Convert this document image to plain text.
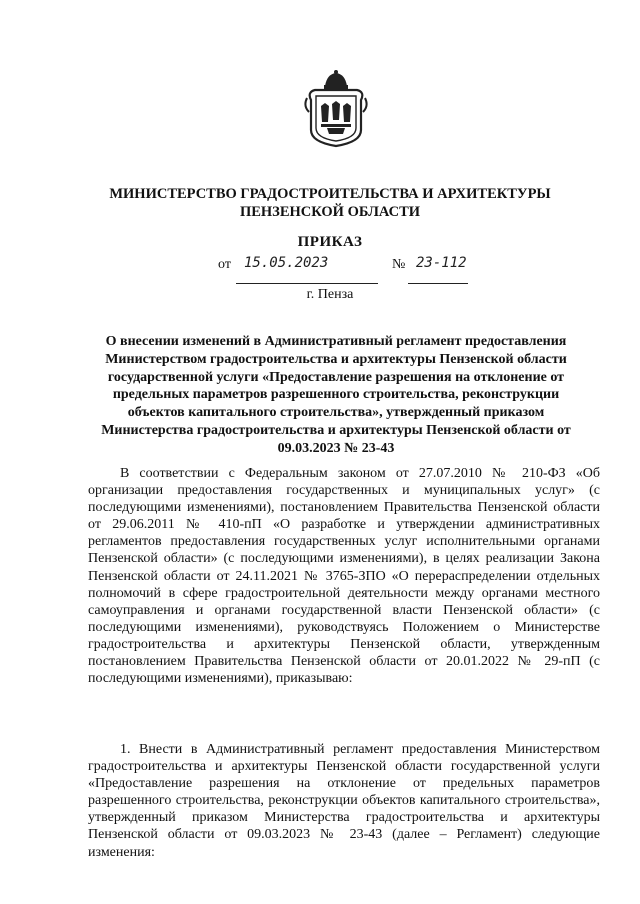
МИНИСТЕРСТВО ГРАДОСТРОИТЕЛЬСТВА И АРХИТЕКТУРЫ
ПЕНЗЕНСКОЙ ОБЛАСТИ
ПРИКАЗ
от 15.05.2023	№ 23-112
г. Пенза
О внесении изменений в Административный регламент предоставления Министерством градостроительства и архитектуры Пензенской области государственной услуги «Предоставление разрешения на отклонение от предельных параметров разрешенного строительства, реконструкции объектов капитального строительства», утвержденный приказом Министерства градостроительства и архитектуры Пензенской области от 09.03.2023 № 23-43
В соответствии с Федеральным законом от 27.07.2010 № 210-ФЗ «Об организации предоставления государственных и муниципальных услуг» (с последующими изменениями), постановлением Правительства Пензенской области от 29.06.2011 № 410-пП «О разработке и утверждении административных регламентов предоставления государственных услуг исполнительными органами Пензенской области» (с последующими изменениями), в целях реализации Закона Пензенской области от 24.11.2021 № 3765-ЗПО «О перераспределении отдельных полномочий в сфере градостроительной деятельности между органами местного самоуправления и органами государственной власти Пензенской области» (с последующими изменениями), руководствуясь Положением о Министерстве градостроительства и архитектуры Пензенской области, утвержденным постановлением Правительства Пензенской области от 20.01.2022 № 29-пП (с последующими изменениями), приказываю:
1. Внести в Административный регламент предоставления Министерством градостроительства и архитектуры Пензенской области государственной услуги «Предоставление разрешения на отклонение от предельных параметров разрешенного строительства, реконструкции объектов капитального строительства», утвержденный приказом Министерства градостроительства и архитектуры Пензенской области от 09.03.2023 № 23-43 (далее – Регламент) следующие изменения:
